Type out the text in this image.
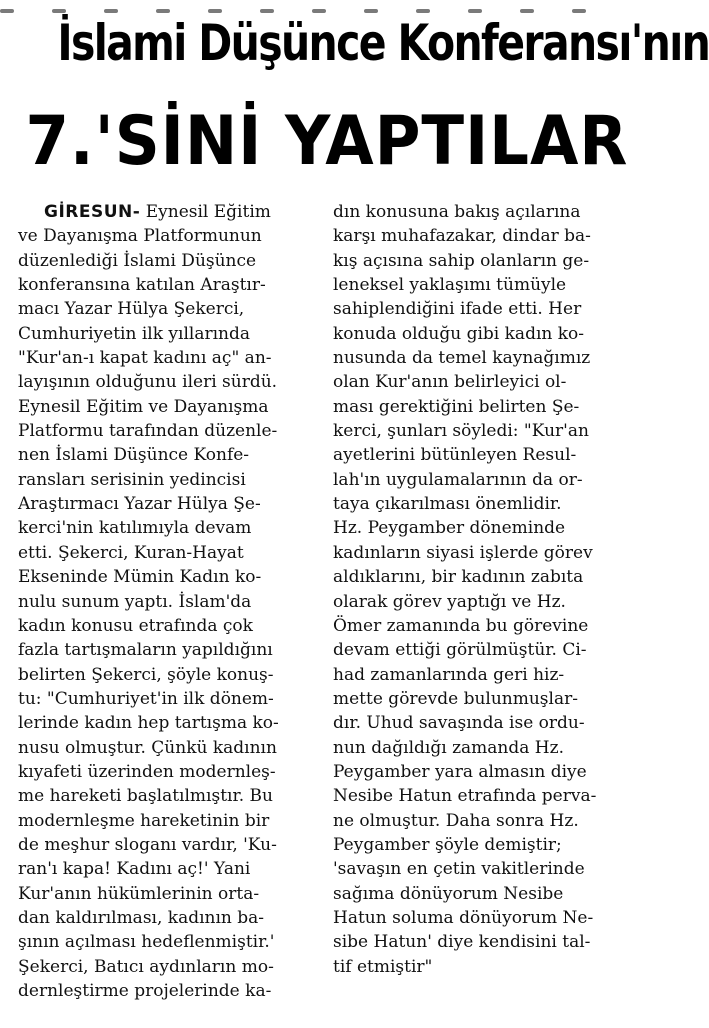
İslami Düşünce Konferansı'nın
7.'SİNİ YAPTILAR
GİRESUN- Eynesil Eğitim
ve Dayanışma Platformunun
düzenlediği İslami Düşünce
konferansına katılan Araştır-
macı Yazar Hülya Şekerci,
Cumhuriyetin ilk yıllarında
"Kur'an-ı kapat kadını aç" an-
layışının olduğunu ileri sürdü.
Eynesil Eğitim ve Dayanışma
Platformu tarafından düzenle-
nen İslami Düşünce Konfe-
ransları serisinin yedincisi
Araştırmacı Yazar Hülya Şe-
kerci'nin katılımıyla devam
etti. Şekerci, Kuran-Hayat
Ekseninde Mümin Kadın ko-
nulu sunum yaptı. İslam'da
kadın konusu etrafında çok
fazla tartışmaların yapıldığını
belirten Şekerci, şöyle konuş-
tu: "Cumhuriyet'in ilk dönem-
lerinde kadın hep tartışma ko-
nusu olmuştur. Çünkü kadının
kıyafeti üzerinden modernleş-
me hareketi başlatılmıştır. Bu
modernleşme hareketinin bir
de meşhur sloganı vardır, 'Ku-
ran'ı kapa! Kadını aç!' Yani
Kur'anın hükümlerinin orta-
dan kaldırılması, kadının ba-
şının açılması hedeflenmiştir.'
Şekerci, Batıcı aydınların mo-
dernleştirme projelerinde ka-
dın konusuna bakış açılarına
karşı muhafazakar, dindar ba-
kış açısına sahip olanların ge-
leneksel yaklaşımı tümüyle
sahiplendiğini ifade etti. Her
konuda olduğu gibi kadın ko-
nusunda da temel kaynağımız
olan Kur'anın belirleyici ol-
ması gerektiğini belirten Şe-
kerci, şunları söyledi: "Kur'an
ayetlerini bütünleyen Resul-
lah'ın uygulamalarının da or-
taya çıkarılması önemlidir.
Hz. Peygamber döneminde
kadınların siyasi işlerde görev
aldıklarını, bir kadının zabıta
olarak görev yaptığı ve Hz.
Ömer zamanında bu görevine
devam ettiği görülmüştür. Ci-
had zamanlarında geri hiz-
mette görevde bulunmuşlar-
dır. Uhud savaşında ise ordu-
nun dağıldığı zamanda Hz.
Peygamber yara almasın diye
Nesibe Hatun etrafında perva-
ne olmuştur. Daha sonra Hz.
Peygamber şöyle demiştir;
'savaşın en çetin vakitlerinde
sağıma dönüyorum Nesibe
Hatun soluma dönüyorum Ne-
sibe Hatun' diye kendisini tal-
tif etmiştir"
